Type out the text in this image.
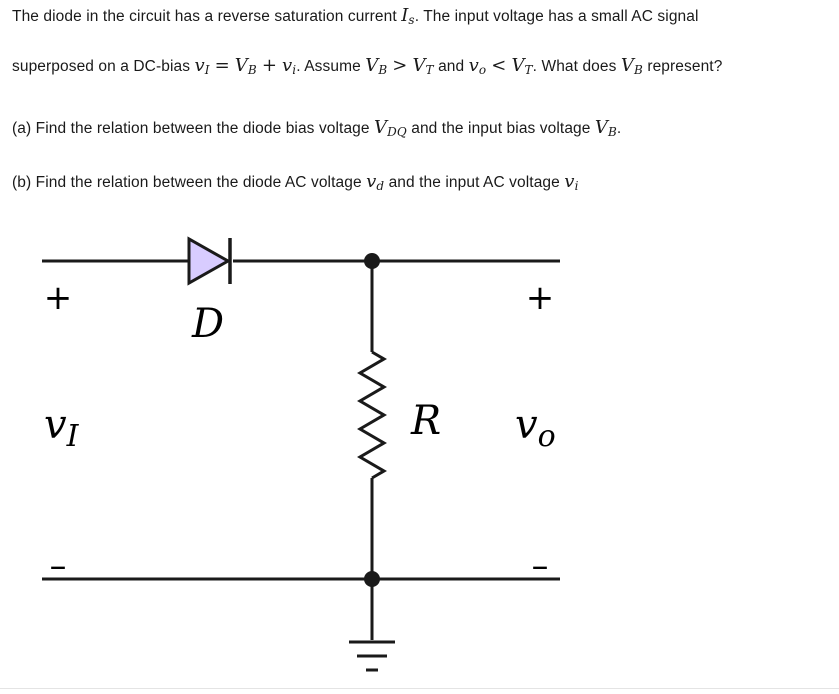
The diode in the circuit has a reverse saturation current $I_s$. The input voltage has a small AC signal
superposed on a DC-bias $v_I = V_B + v_i$. Assume $V_B > V_T$ and $v_o < V_T$. What does $V_B$ represent?
(a) Find the relation between the diode bias voltage $V_{DQ}$ and the input bias voltage $V_B$.
(b) Find the relation between the diode AC voltage $v_d$ and the input AC voltage $v_i$
D
R
+
–
+
–
$v_I$	$v_o$
